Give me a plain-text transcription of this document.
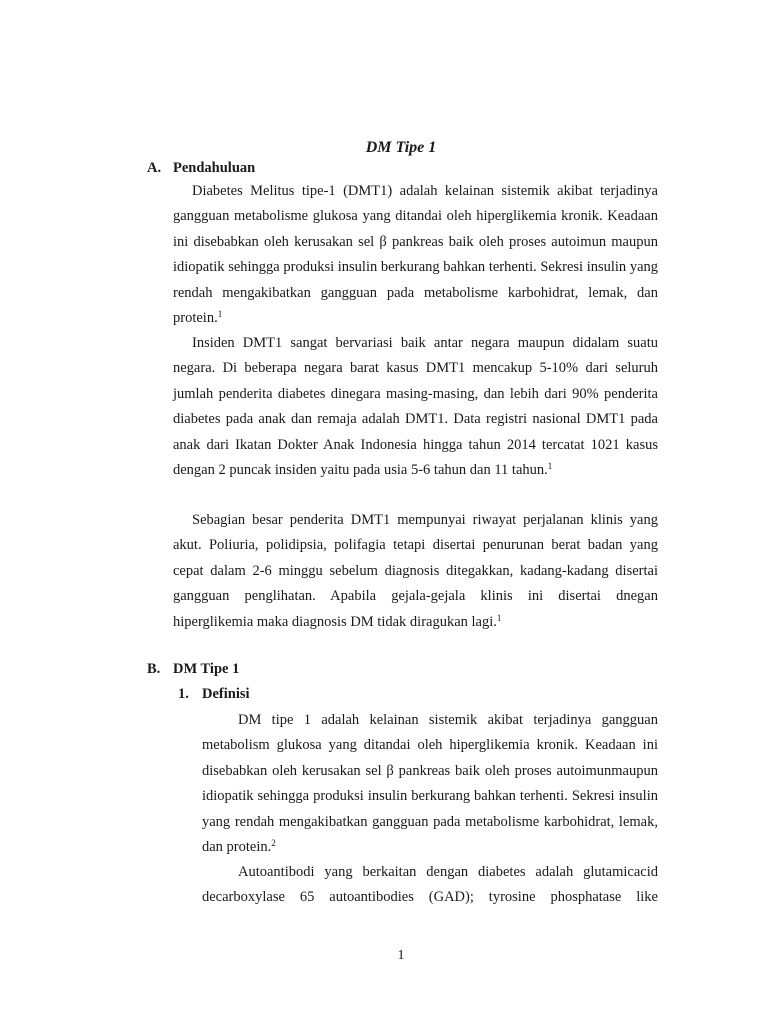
DM Tipe 1
A. Pendahuluan

Diabetes Melitus tipe-1 (DMT1) adalah kelainan sistemik akibat terjadinya gangguan metabolisme glukosa yang ditandai oleh hiperglikemia kronik. Keadaan ini disebabkan oleh kerusakan sel β pankreas baik oleh proses autoimun maupun idiopatik sehingga produksi insulin berkurang bahkan terhenti. Sekresi insulin yang rendah mengakibatkan gangguan pada metabolisme karbohidrat, lemak, dan protein.$^1$

Insiden DMT1 sangat bervariasi baik antar negara maupun didalam suatu negara. Di beberapa negara barat kasus DMT1 mencakup 5-10% dari seluruh jumlah penderita diabetes dinegara masing-masing, dan lebih dari 90% penderita diabetes pada anak dan remaja adalah DMT1. Data registri nasional DMT1 pada anak dari Ikatan Dokter Anak Indonesia hingga tahun 2014 tercatat 1021 kasus dengan 2 puncak insiden yaitu pada usia 5-6 tahun dan 11 tahun.$^1$

Sebagian besar penderita DMT1 mempunyai riwayat perjalanan klinis yang akut. Poliuria, polidipsia, polifagia tetapi disertai penurunan berat badan yang cepat dalam 2-6 minggu sebelum diagnosis ditegakkan, kadang-kadang disertai gangguan penglihatan. Apabila gejala-gejala klinis ini disertai dnegan hiperglikemia maka diagnosis DM tidak diragukan lagi.$^1$

B. DM Tipe 1
1. Definisi

DM tipe 1 adalah kelainan sistemik akibat terjadinya gangguan metabolism glukosa yang ditandai oleh hiperglikemia kronik. Keadaan ini disebabkan oleh kerusakan sel β pankreas baik oleh proses autoimunmaupun idiopatik sehingga produksi insulin berkurang bahkan terhenti. Sekresi insulin yang rendah mengakibatkan gangguan pada metabolisme karbohidrat, lemak, dan protein.$^2$

Autoantibodi yang berkaitan dengan diabetes adalah glutamicacid decarboxylase 65 autoantibodies (GAD); tyrosine phosphatase like

1
